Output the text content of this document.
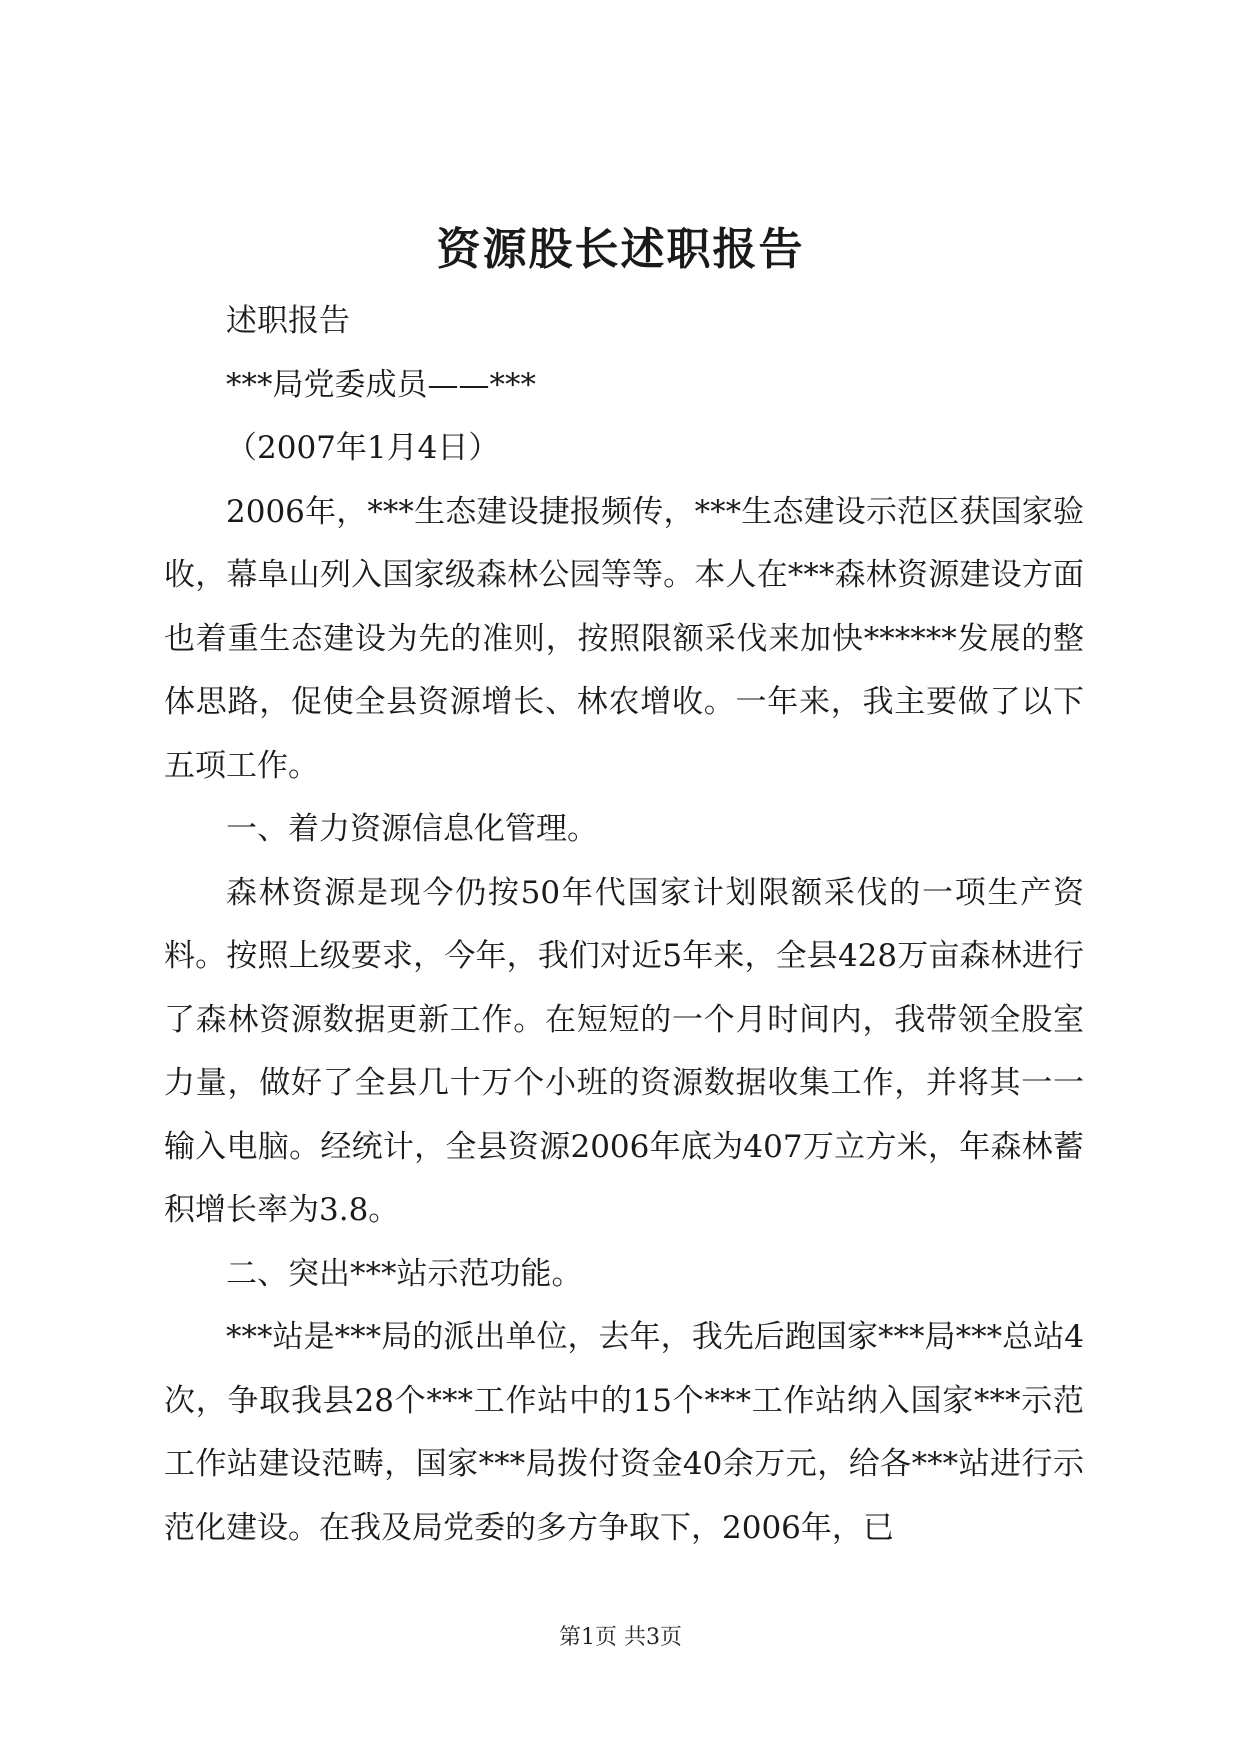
资源股长述职报告

述职报告

***局党委成员——***

（2007年1月4日）

2006年，***生态建设捷报频传，***生态建设示范区获国家验收，幕阜山列入国家级森林公园等等。本人在***森林资源建设方面也着重生态建设为先的准则，按照限额采伐来加快******发展的整体思路，促使全县资源增长、林农增收。一年来，我主要做了以下五项工作。

一、着力资源信息化管理。

森林资源是现今仍按50年代国家计划限额采伐的一项生产资料。按照上级要求，今年，我们对近5年来，全县428万亩森林进行了森林资源数据更新工作。在短短的一个月时间内，我带领全股室力量，做好了全县几十万个小班的资源数据收集工作，并将其一一输入电脑。经统计，全县资源2006年底为407万立方米，年森林蓄积增长率为3.8。

二、突出***站示范功能。

***站是***局的派出单位，去年，我先后跑国家***局***总站4次，争取我县28个***工作站中的15个***工作站纳入国家***示范工作站建设范畴，国家***局拨付资金40余万元，给各***站进行示范化建设。在我及局党委的多方争取下，2006年，已

第1页 共3页
